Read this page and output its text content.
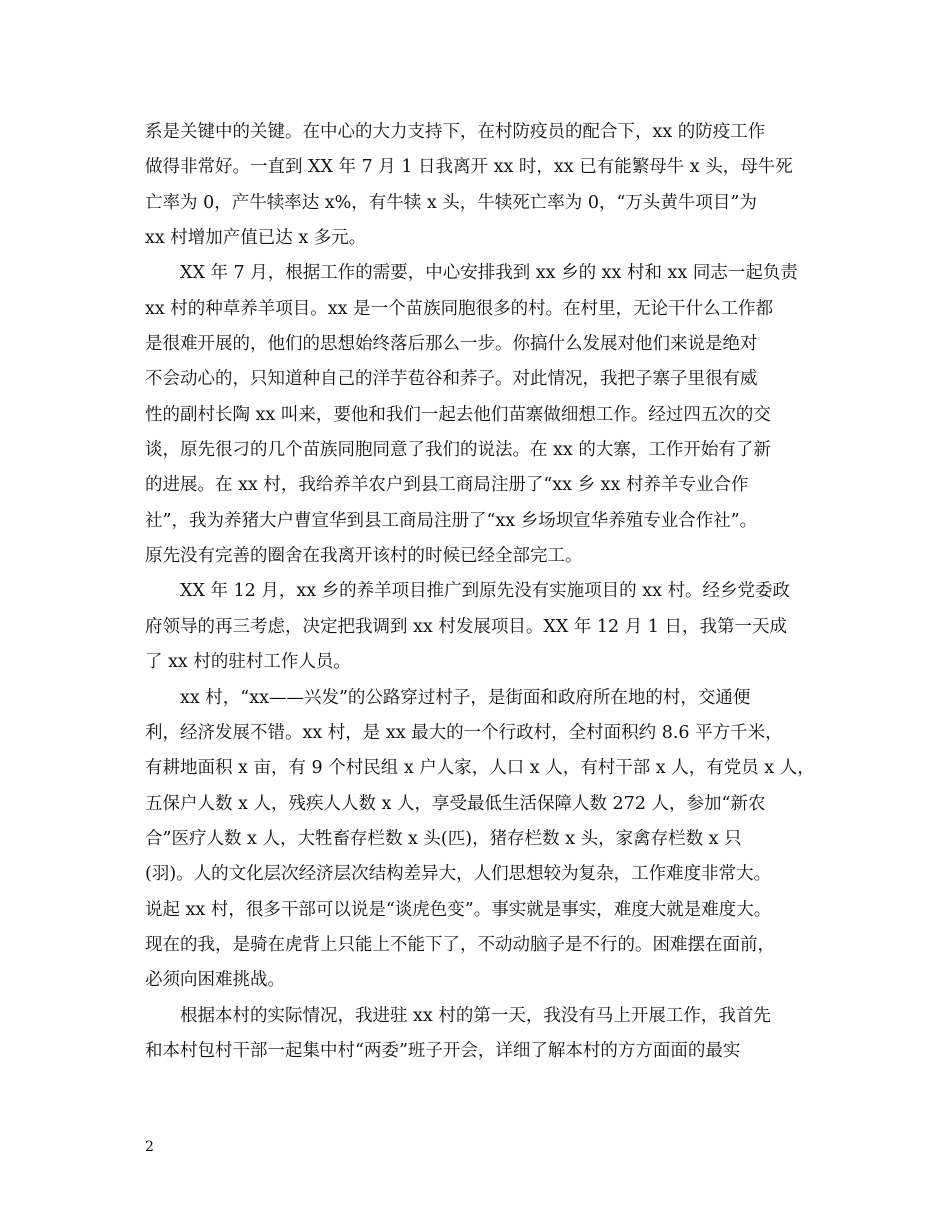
系是关键中的关键。在中心的大力支持下，在村防疫员的配合下，xx 的防疫工作
做得非常好。一直到 XX 年 7 月 1 日我离开 xx 时，xx 已有能繁母牛 x 头，母牛死
亡率为 0，产牛犊率达 x%，有牛犊 x 头，牛犊死亡率为 0，“万头黄牛项目”为
xx 村增加产值已达 x 多元。
　　XX 年 7 月，根据工作的需要，中心安排我到 xx 乡的 xx 村和 xx 同志一起负责
xx 村的种草养羊项目。xx 是一个苗族同胞很多的村。在村里，无论干什么工作都
是很难开展的，他们的思想始终落后那么一步。你搞什么发展对他们来说是绝对
不会动心的，只知道种自己的洋芋苞谷和荞子。对此情况，我把子寨子里很有威
性的副村长陶 xx 叫来，要他和我们一起去他们苗寨做细想工作。经过四五次的交
谈，原先很刁的几个苗族同胞同意了我们的说法。在 xx 的大寨，工作开始有了新
的进展。在 xx 村，我给养羊农户到县工商局注册了“xx 乡 xx 村养羊专业合作
社”，我为养猪大户曹宣华到县工商局注册了“xx 乡场坝宣华养殖专业合作社”。
原先没有完善的圈舍在我离开该村的时候已经全部完工。
　　XX 年 12 月，xx 乡的养羊项目推广到原先没有实施项目的 xx 村。经乡党委政
府领导的再三考虑，决定把我调到 xx 村发展项目。XX 年 12 月 1 日，我第一天成
了 xx 村的驻村工作人员。
　　xx 村，“xx——兴发”的公路穿过村子，是街面和政府所在地的村，交通便
利，经济发展不错。xx 村，是 xx 最大的一个行政村，全村面积约 8.6 平方千米，
有耕地面积 x 亩，有 9 个村民组 x 户人家，人口 x 人，有村干部 x 人，有党员 x 人，
五保户人数 x 人，残疾人人数 x 人，享受最低生活保障人数 272 人，参加“新农
合”医疗人数 x 人，大牲畜存栏数 x 头(匹)，猪存栏数 x 头，家禽存栏数 x 只
(羽)。人的文化层次经济层次结构差异大，人们思想较为复杂，工作难度非常大。
说起 xx 村，很多干部可以说是“谈虎色变”。事实就是事实，难度大就是难度大。
现在的我，是骑在虎背上只能上不能下了，不动动脑子是不行的。困难摆在面前，
必须向困难挑战。
　　根据本村的实际情况，我进驻 xx 村的第一天，我没有马上开展工作，我首先
和本村包村干部一起集中村“两委”班子开会，详细了解本村的方方面面的最实
2
